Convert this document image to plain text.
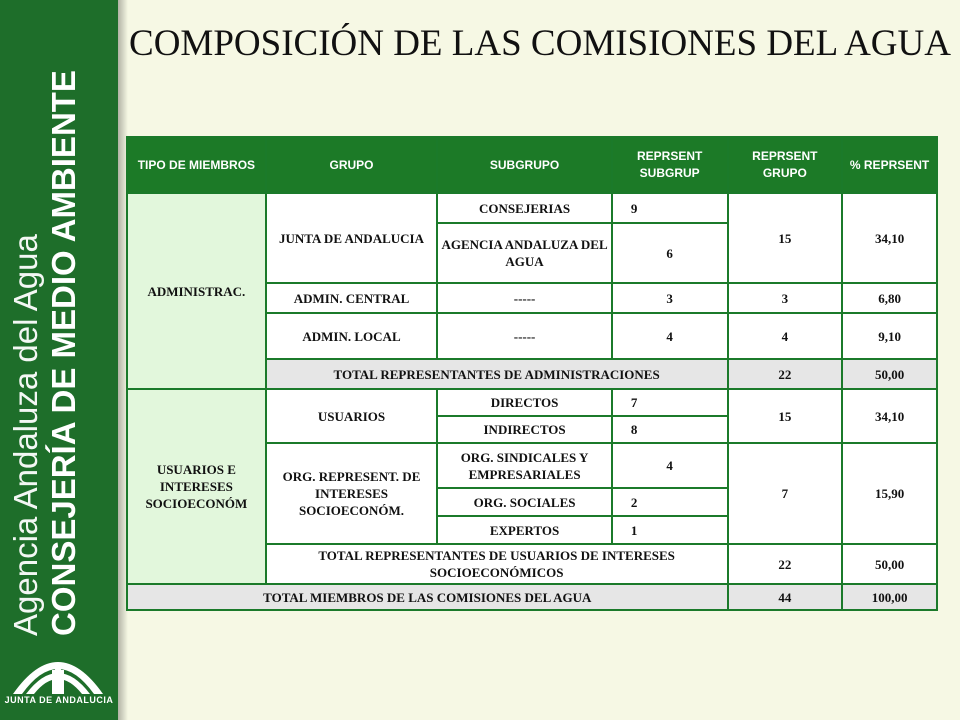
Agencia Andaluza del Agua CONSEJERÍA DE MEDIO AMBIENTE
JUNTA DE ANDALUCIA
COMPOSICIÓN DE LAS COMISIONES DEL AGUA
TIPO DE MIEMBROS	GRUPO	SUBGRUPO	REPRSENT SUBGRUP	REPRSENT GRUPO	% REPRSENT
ADMINISTRAC.	JUNTA DE ANDALUCIA	CONSEJERIAS	9	15	34,10
		AGENCIA ANDALUZA DEL AGUA	6		
	ADMIN. CENTRAL	-----	3	3	6,80
	ADMIN. LOCAL	-----	4	4	9,10
	TOTAL REPRESENTANTES DE ADMINISTRACIONES			22	50,00
USUARIOS E INTERESES SOCIOECONÓM	USUARIOS	DIRECTOS	7	15	34,10
		INDIRECTOS	8		
	ORG. REPRESENT. DE INTERESES SOCIOECONÓM.	ORG. SINDICALES Y EMPRESARIALES	4	7	15,90
		ORG. SOCIALES	2		
		EXPERTOS	1		
	TOTAL REPRESENTANTES DE USUARIOS DE INTERESES SOCIOECONÓMICOS			22	50,00

TOTAL MIEMBROS DE LAS COMISIONES DEL AGUA				44	100,00
